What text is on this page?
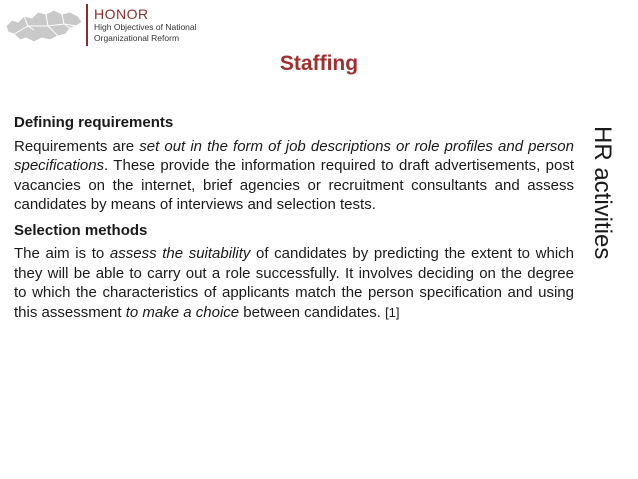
HONOR
High Objectives of National
Organizational Reform
Staffing
Defining requirements

Requirements are set out in the form of job descriptions or role profiles and person specifications. These provide the information required to draft advertisements, post vacancies on the internet, brief agencies or recruitment consultants and assess candidates by means of interviews and selection tests.

Selection methods

The aim is to assess the suitability of candidates by predicting the extent to which they will be able to carry out a role successfully. It involves deciding on the degree to which the characteristics of applicants match the person specification and using this assessment to make a choice between candidates. [1]

HR activities
